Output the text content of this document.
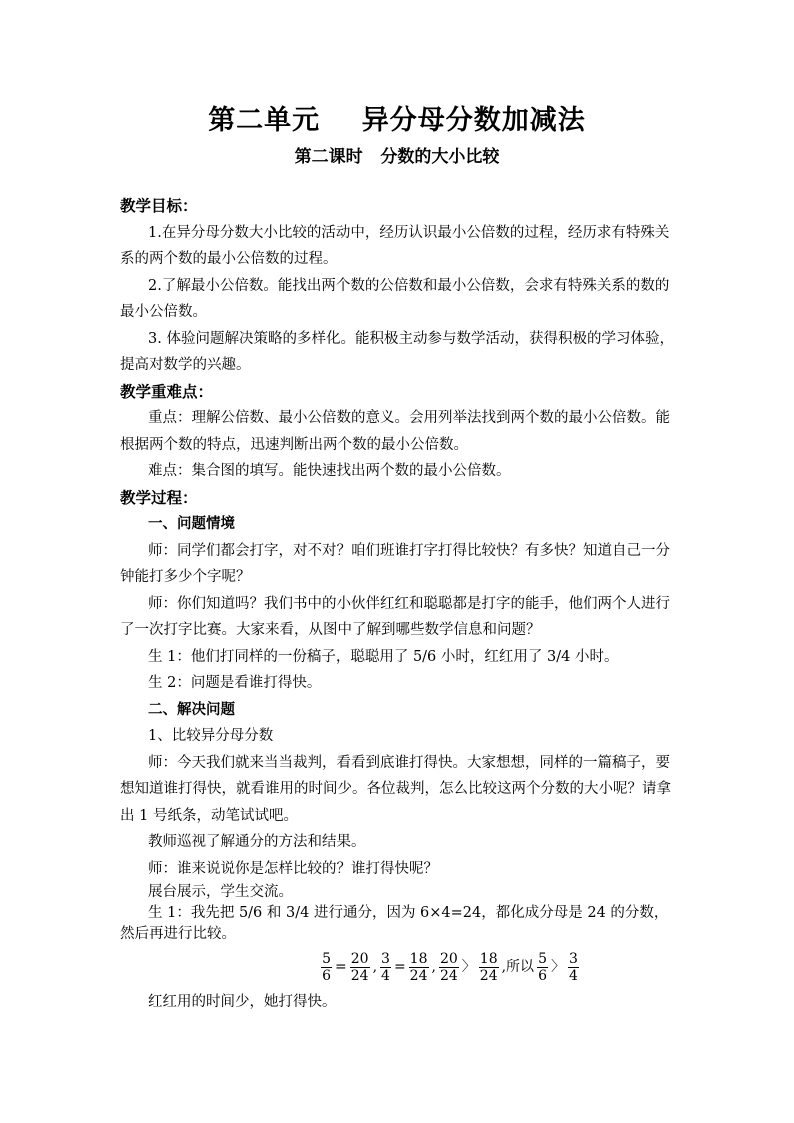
第二单元    异分母分数加减法
第二课时   分数的大小比较

教学目标：

1.在异分母分数大小比较的活动中，经历认识最小公倍数的过程，经历求有特殊关系的两个数的最小公倍数的过程。

2.了解最小公倍数。能找出两个数的公倍数和最小公倍数，会求有特殊关系的数的最小公倍数。

3. 体验问题解决策略的多样化。能积极主动参与数学活动，获得积极的学习体验，提高对数学的兴趣。

教学重难点：

重点：理解公倍数、最小公倍数的意义。会用列举法找到两个数的最小公倍数。能根据两个数的特点，迅速判断出两个数的最小公倍数。

难点：集合图的填写。能快速找出两个数的最小公倍数。

教学过程：

一、问题情境

师：同学们都会打字，对不对？咱们班谁打字打得比较快？有多快？知道自己一分钟能打多少个字呢？

师：你们知道吗？我们书中的小伙伴红红和聪聪都是打字的能手，他们两个人进行了一次打字比赛。大家来看，从图中了解到哪些数学信息和问题？

生 1：他们打同样的一份稿子，聪聪用了 5/6 小时，红红用了 3/4 小时。

生 2：问题是看谁打得快。

二、解决问题

1、比较异分母分数

师：今天我们就来当当裁判，看看到底谁打得快。大家想想，同样的一篇稿子，要想知道谁打得快，就看谁用的时间少。各位裁判，怎么比较这两个分数的大小呢？请拿出 1 号纸条，动笔试试吧。

教师巡视了解通分的方法和结果。

师：谁来说说你是怎样比较的？谁打得快呢？

展台展示，学生交流。

生 1：我先把 5/6 和 3/4 进行通分，因为 6×4=24，都化成分母是 24 的分数，然后再进行比较。

$\frac{5}{6} = \frac{20}{24}$ , $\frac{3}{4} = \frac{18}{24}$ , $\frac{20}{24}$ 〉 $\frac{18}{24}$ ,所以 $\frac{5}{6}$ 〉 $\frac{3}{4}$

红红用的时间少，她打得快。
